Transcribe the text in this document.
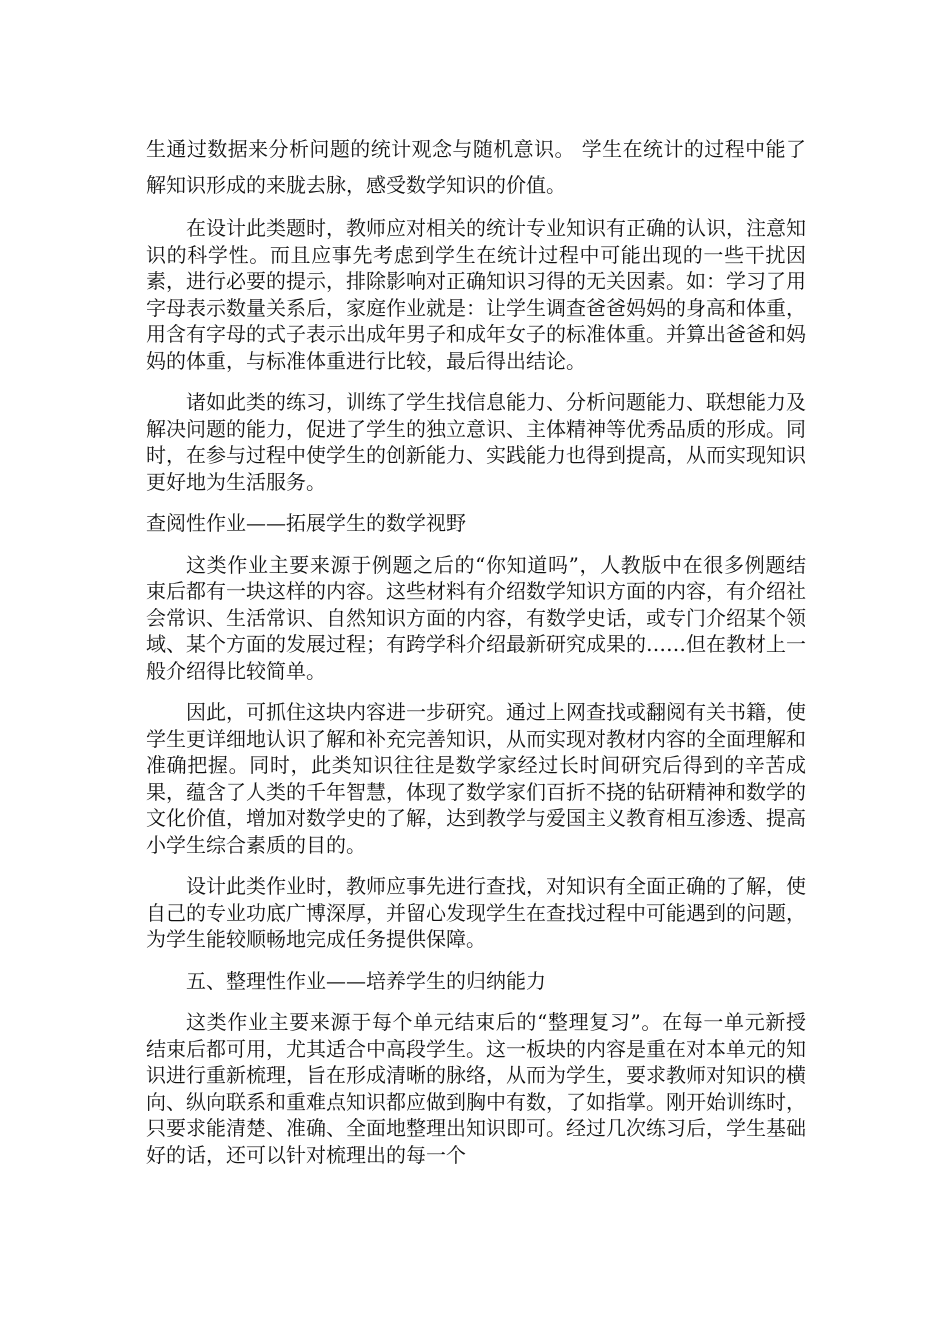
生通过数据来分析问题的统计观念与随机意识。 学生在统计的过程中能了解知识形成的来胧去脉，感受数学知识的价值。

在设计此类题时，教师应对相关的统计专业知识有正确的认识，注意知识的科学性。而且应事先考虑到学生在统计过程中可能出现的一些干扰因素，进行必要的提示，排除影响对正确知识习得的无关因素。如：学习了用字母表示数量关系后，家庭作业就是：让学生调查爸爸妈妈的身高和体重，用含有字母的式子表示出成年男子和成年女子的标准体重。并算出爸爸和妈妈的体重，与标准体重进行比较，最后得出结论。

诸如此类的练习，训练了学生找信息能力、分析问题能力、联想能力及解决问题的能力，促进了学生的独立意识、主体精神等优秀品质的形成。同时，在参与过程中使学生的创新能力、实践能力也得到提高，从而实现知识更好地为生活服务。

查阅性作业——拓展学生的数学视野

这类作业主要来源于例题之后的“你知道吗”，人教版中在很多例题结束后都有一块这样的内容。这些材料有介绍数学知识方面的内容，有介绍社会常识、生活常识、自然知识方面的内容，有数学史话，或专门介绍某个领域、某个方面的发展过程；有跨学科介绍最新研究成果的……但在教材上一般介绍得比较简单。

因此，可抓住这块内容进一步研究。通过上网查找或翻阅有关书籍，使学生更详细地认识了解和补充完善知识，从而实现对教材内容的全面理解和准确把握。同时，此类知识往往是数学家经过长时间研究后得到的辛苦成果，蕴含了人类的千年智慧，体现了数学家们百折不挠的钻研精神和数学的文化价值，增加对数学史的了解，达到教学与爱国主义教育相互渗透、提高小学生综合素质的目的。

设计此类作业时，教师应事先进行查找，对知识有全面正确的了解，使自己的专业功底广博深厚，并留心发现学生在查找过程中可能遇到的问题，为学生能较顺畅地完成任务提供保障。

五、整理性作业——培养学生的归纳能力

这类作业主要来源于每个单元结束后的“整理复习”。在每一单元新授结束后都可用，尤其适合中高段学生。这一板块的内容是重在对本单元的知识进行重新梳理，旨在形成清晰的脉络，从而为学生，要求教师对知识的横向、纵向联系和重难点知识都应做到胸中有数，了如指掌。刚开始训练时，只要求能清楚、准确、全面地整理出知识即可。经过几次练习后，学生基础好的话，还可以针对梳理出的每一个
